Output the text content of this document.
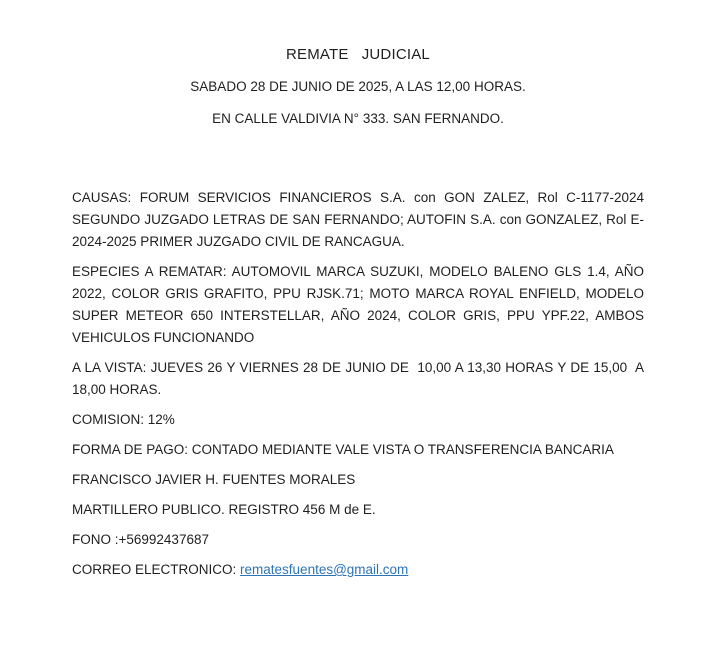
REMATE   JUDICIAL
SABADO 28 DE JUNIO DE 2025, A LAS 12,00 HORAS.
EN CALLE VALDIVIA N° 333. SAN FERNANDO.

CAUSAS: FORUM SERVICIOS FINANCIEROS S.A. con GON ZALEZ, Rol C-1177-2024 SEGUNDO JUZGADO LETRAS DE SAN FERNANDO; AUTOFIN S.A. con GONZALEZ, Rol E-2024-2025 PRIMER JUZGADO CIVIL DE RANCAGUA.

ESPECIES A REMATAR: AUTOMOVIL MARCA SUZUKI, MODELO BALENO GLS 1.4, AÑO 2022, COLOR GRIS GRAFITO, PPU RJSK.71; MOTO MARCA ROYAL ENFIELD, MODELO SUPER METEOR 650 INTERSTELLAR, AÑO 2024, COLOR GRIS, PPU YPF.22, AMBOS VEHICULOS FUNCIONANDO

A LA VISTA: JUEVES 26 Y VIERNES 28 DE JUNIO DE  10,00 A 13,30 HORAS Y DE 15,00  A 18,00 HORAS.

COMISION: 12%

FORMA DE PAGO: CONTADO MEDIANTE VALE VISTA O TRANSFERENCIA BANCARIA

FRANCISCO JAVIER H. FUENTES MORALES

MARTILLERO PUBLICO. REGISTRO 456 M de E.

FONO :+56992437687

CORREO ELECTRONICO: rematesfuentes@gmail.com
